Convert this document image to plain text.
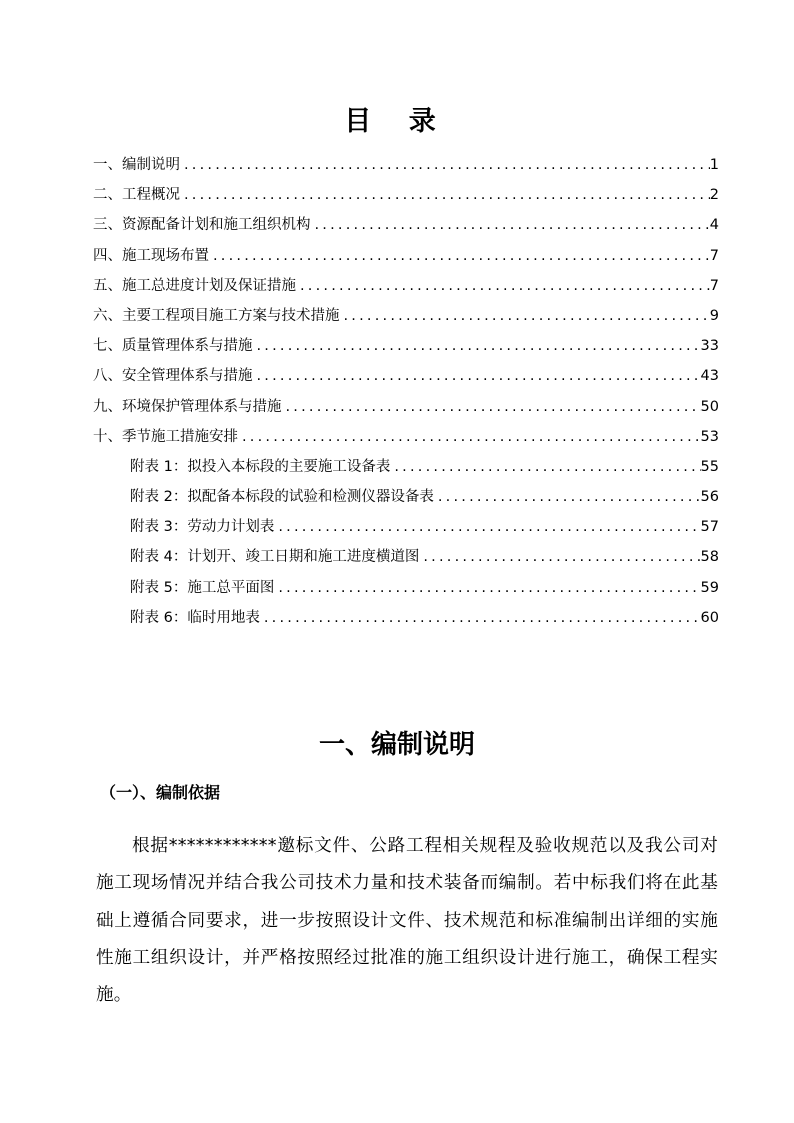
目 录
一、编制说明 .....	1
二、工程概况 .....	2
三、资源配备计划和施工组织机构 .....	4
四、施工现场布置 .....	7
五、施工总进度计划及保证措施 .....	7
六、主要工程项目施工方案与技术措施 .....	9
七、质量管理体系与措施 .....	33
八、安全管理体系与措施 .....	43
九、环境保护管理体系与措施 .....	50
十、季节施工措施安排 .....	53
附表 1：拟投入本标段的主要施工设备表 .....	55
附表 2：拟配备本标段的试验和检测仪器设备表 .....	56
附表 3：劳动力计划表 .....	57
附表 4：计划开、竣工日期和施工进度横道图 .....	58
附表 5：施工总平面图 .....	59
附表 6：临时用地表 .....	60
一、编制说明
（一）、编制依据

根据************邀标文件、公路工程相关规程及验收规范以及我公司对施工现场情况并结合我公司技术力量和技术装备而编制。若中标我们将在此基础上遵循合同要求，进一步按照设计文件、技术规范和标准编制出详细的实施性施工组织设计，并严格按照经过批准的施工组织设计进行施工，确保工程实施。
